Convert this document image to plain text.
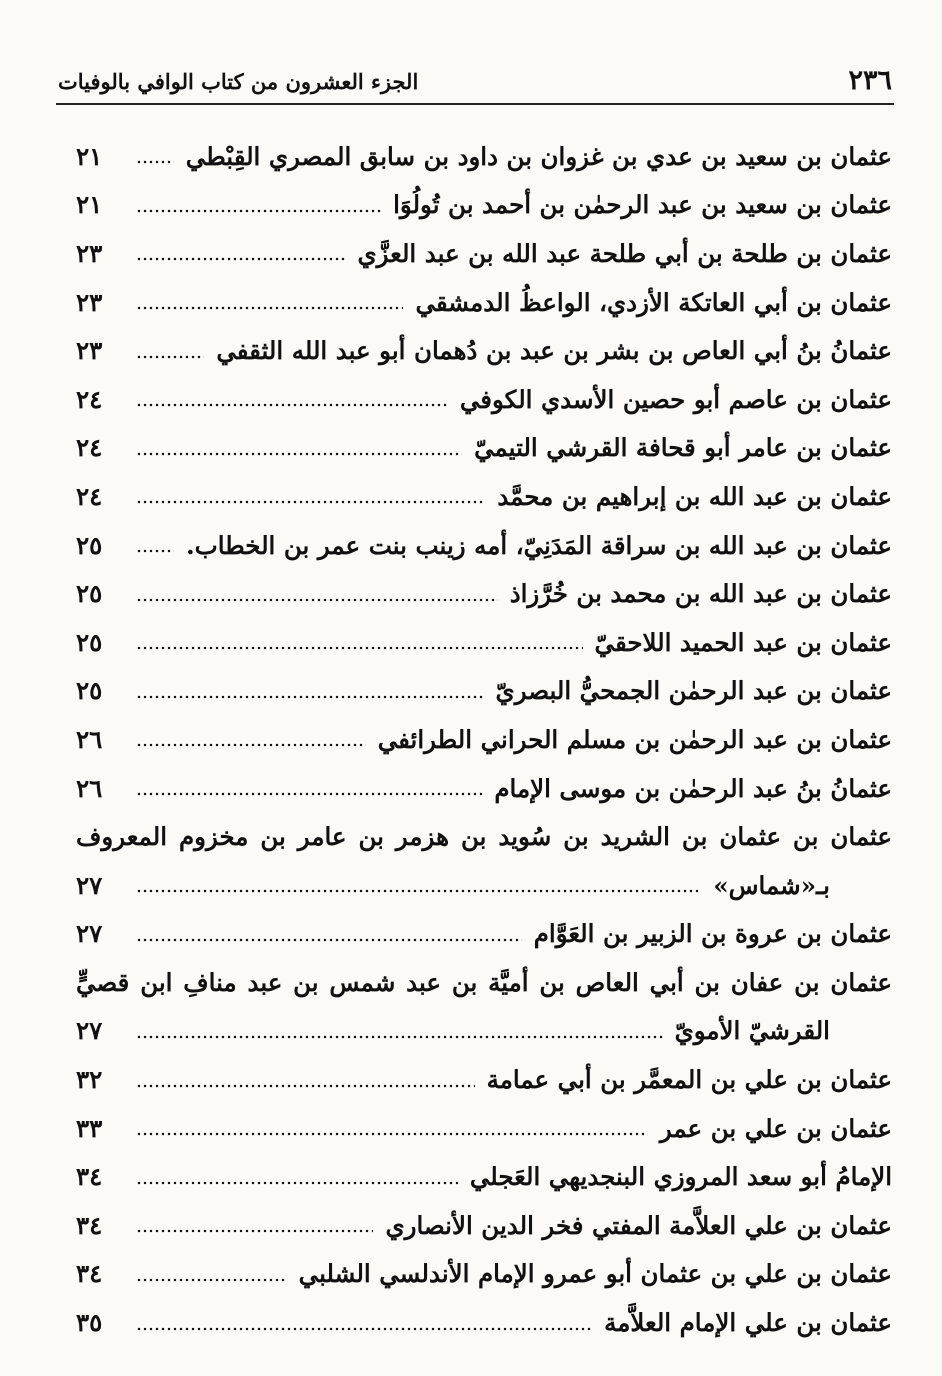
٢٣٦
الجزء العشرون من كتاب الوافي بالوفيات
عثمان بن سعيد بن عدي بن غزوان بن داود بن سابق المصري القِبْطي
٢١
عثمان بن سعيد بن عبد الرحمٰن بن أحمد بن تُولُوَا
٢١
عثمان بن طلحة بن أبي طلحة عبد الله بن عبد العزَّي
٢٣
عثمان بن أبي العاتكة الأزدي، الواعظُ الدمشقي
٢٣
عثمانُ بنُ أبي العاص بن بشر بن عبد بن دُهمان أبو عبد الله الثقفي
٢٣
عثمان بن عاصم أبو حصين الأسدي الكوفي
٢٤
عثمان بن عامر أبو قحافة القرشي التيميّ
٢٤
عثمان بن عبد الله بن إبراهيم بن محمَّد
٢٤
عثمان بن عبد الله بن سراقة المَدَنِيّ، أمه زينب بنت عمر بن الخطاب.
٢٥
عثمان بن عبد الله بن محمد بن خُرَّزاذ
٢٥
عثمان بن عبد الحميد اللاحقيّ
٢٥
عثمان بن عبد الرحمٰن الجمحيُّ البصريّ
٢٥
عثمان بن عبد الرحمٰن بن مسلم الحراني الطرائفي
٢٦
عثمانُ بنُ عبد الرحمٰن بن موسى الإمام
٢٦
عثمان بن عثمان بن الشريد بن سُويد بن هزمر بن عامر بن مخزوم المعروف
بـ«شماس»
٢٧
عثمان بن عروة بن الزبير بن العَوَّام
٢٧
عثمان بن عفان بن أبي العاص بن أميَّة بن عبد شمس بن عبد منافِ ابن قصيٍّ
القرشيّ الأمويّ
٢٧
عثمان بن علي بن المعمَّر بن أبي عمامة
٣٢
عثمان بن علي بن عمر
٣٣
الإمامُ أبو سعد المروزي البنجديهي العَجلي
٣٤
عثمان بن علي العلاَّمة المفتي فخر الدين الأنصاري
٣٤
عثمان بن علي بن عثمان أبو عمرو الإمام الأندلسي الشلبي
٣٤
عثمان بن علي الإمام العلاَّمة
٣٥
